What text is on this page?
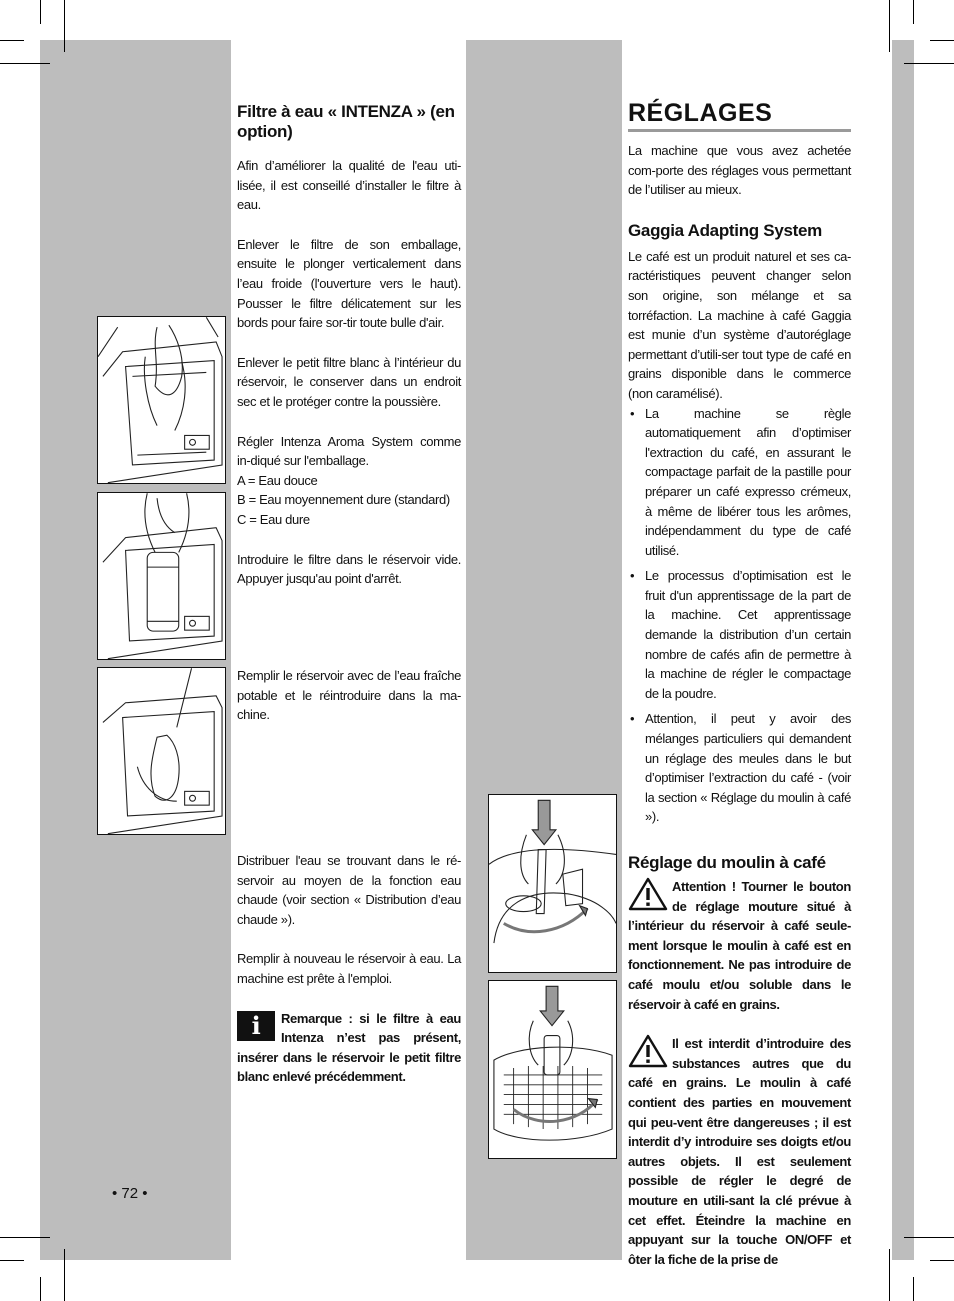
Filtre à eau « INTENZA » (en option)

Afin d’améliorer la qualité de l'eau uti-lisée, il est conseillé d’installer le filtre à eau.

Enlever le filtre de son emballage, ensuite le plonger verticalement dans l’eau froide (l'ouverture vers le haut). Pousser le filtre délicatement sur les bords pour faire sor-tir toute bulle d'air.

Enlever le petit filtre blanc à l’intérieur du réservoir, le conserver dans un endroit sec et le protéger contre la poussière.

Régler Intenza Aroma System comme in-diqué sur l'emballage.

A = Eau douce

B = Eau moyennement dure (standard)

C = Eau dure

Introduire le filtre dans le réservoir vide. Appuyer jusqu'au point d'arrêt.

Remplir le réservoir avec de l’eau fraîche potable et le réintroduire dans la ma-chine.

Distribuer l'eau se trouvant dans le ré-servoir au moyen de la fonction eau chaude (voir section « Distribution d’eau chaude »).

Remplir à nouveau le réservoir à eau. La machine est prête à l'emploi.

i	Remarque : si le filtre à eau Intenza n’est pas présent, insérer dans le réservoir le petit filtre blanc enlevé précédemment.

RÉGLAGES

La machine que vous avez achetée com-porte des réglages vous permettant de l’utiliser au mieux.

Gaggia Adapting System

Le café est un produit naturel et ses ca-ractéristiques peuvent changer selon son origine, son mélange et sa torréfaction. La machine à café Gaggia est munie d’un système d’autoréglage permettant d’utili-ser tout type de café en grains disponible dans le commerce (non caramélisé).

• La machine se règle automatiquement afin d’optimiser l'extraction du café, en assurant le compactage parfait de la pastille pour préparer un café expresso crémeux, à même de libérer tous les arômes, indépendamment du type de café utilisé.

• Le processus d’optimisation est le fruit d'un apprentissage de la part de la machine. Cet apprentissage demande la distribution d’un certain nombre de cafés afin de permettre à la machine de régler le compactage de la poudre.

• Attention, il peut y avoir des mélanges particuliers qui demandent un réglage des meules dans le but d’optimiser l’extraction du café - (voir la section « Réglage du moulin à café »).

Réglage du moulin à café

Attention ! Tourner le bouton de réglage mouture situé à l’intérieur du réservoir à café seule-ment lorsque le moulin à café est en fonctionnement. Ne pas introduire de café moulu et/ou soluble dans le réservoir à café en grains.

Il est interdit d’introduire des substances autres que du café en grains. Le moulin à café contient des parties en mouvement qui peu-vent être dangereuses ; il est interdit d’y introduire ses doigts et/ou autres objets. Il est seulement possible de régler le degré de mouture en utili-sant la clé prévue à cet effet. Éteindre la machine en appuyant sur la touche ON/OFF et ôter la fiche de la prise de

• 72 •
